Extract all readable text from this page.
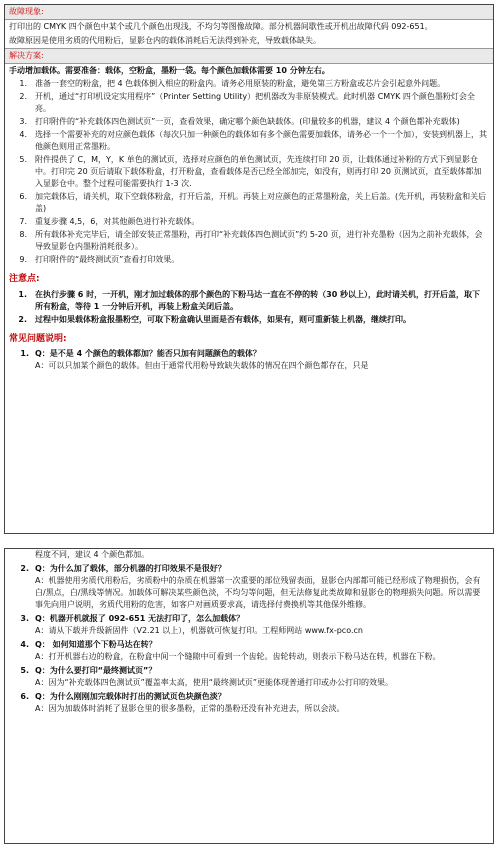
故障现象:
打印出的 CMYK 四个颜色中某个或几个颜色出现浅，不均匀等图像故障。部分机器间歇性或开机出故障代码 092-651。
故障原因是使用劣质的代用粉后，显影仓内的载体消耗后无法得到补充，导致载体缺失。
解决方案:
手动增加载体。需要准备：载体，空粉盒，墨粉一袋。每个颜色加载体需要 10 分钟左右。
1.	准备一套空的粉盒，把 4 色载体倒入相应的粉盒内。请务必用原装的粉盒，避免第三方粉盒或芯片会引起意外问题。
2.	开机，通过“打印机设定实用程序”（Printer Setting Utility）把机器改为非原装模式。此时机器 CMYK 四个颜色墨粉灯会全亮。
3.	打印附件的“补充载体四色测试页”一页，查看效果，确定哪个颜色缺载体。(印量较多的机器，建议 4 个颜色都补充载体)
4.	选择一个需要补充的对应颜色载体（每次只加一种颜色的载体如有多个颜色需要加载体，请务必一个一个加），安装到机器上，其他颜色则用正常墨粉。
5.	附件提供了 C，M，Y，K 单色的测试页，选择对应颜色的单色测试页，先连续打印 20 页，让载体通过补粉的方式下到显影仓中。打印完 20 页后请取下载体粉盒，打开粉盒，查看载体是否已经全部加完，如没有，则再打印 20 页测试页，直至载体都加入显影仓中。整个过程可能需要执行 1-3 次.
6.	加完载体后，请关机，取下空载体粉盒，打开后盖，开机。再装上对应颜色的正常墨粉盒，关上后盖。(先开机，再装粉盒和关后盖)
7.	重复步骤 4,5，6，对其他颜色进行补充载体。
8.	所有载体补充完毕后，请全部安装正常墨粉，再打印“补充载体四色测试页”约 5-20 页，进行补充墨粉（因为之前补充载体，会导致显影仓内墨粉消耗很多）。
9.	打印附件的“最终测试页”查看打印效果。
注意点:
1.	在执行步骤 6 时，一开机，刚才加过载体的那个颜色的下粉马达一直在不停的转（30 秒以上），此时请关机，打开后盖，取下所有粉盒，等待 1 一分钟后开机，再装上粉盒关闭后盖。
2.	过程中如果载体粉盒报墨粉空，可取下粉盒确认里面是否有载体，如果有，则可重新装上机器，继续打印。
常见问题说明:
1. Q：是不是 4 个颜色的载体都加？能否只加有问题颜色的载体？
A：可以只加某个颜色的载体。但由于通常代用粉导致缺失载体的情况在四个颜色都存在，只是
程度不同，建议 4 个颜色都加。
2. Q：为什么加了载体，部分机器的打印效果不是很好？
A：机器使用劣质代用粉后，劣质粉中的杂质在机器第一次重要的部位残留表面，显影仓内部都可能已经形成了物理损伤，会有白/黑点，白/黑线等情况。加载体可解决某些颜色淡，不均匀等问题，但无法修复此类故障和显影仓的物理损失问题。所以需要事先向用户说明，劣质代用粉的危害，如客户对画质要求高，请选择付费换机等其他保外维修。
3. Q：机器开机就报了 092-651 无法打印了，怎么加载体？
A：请从下载并升级新固件（V2.21 以上），机器就可恢复打印。工程师网站 www.fx-pco.cn
4. Q： 如何知道那个下粉马达在转？
A：打开机器右边的粉盒，在粉盒中间一个缝隙中可看到一个齿轮。齿轮转动，则表示下粉马达在转，机器在下粉。
5. Q：为什么要打印“最终测试页”？
A：因为“补充载体四色测试页”覆盖率太高，使用“最终测试页”更能体现普通打印或办公打印的效果。
6. Q：为什么刚刚加完载体时打出的测试页色块颜色淡？
A：因为加载体时消耗了显影仓里的很多墨粉，正常的墨粉还没有补充进去，所以会淡。
